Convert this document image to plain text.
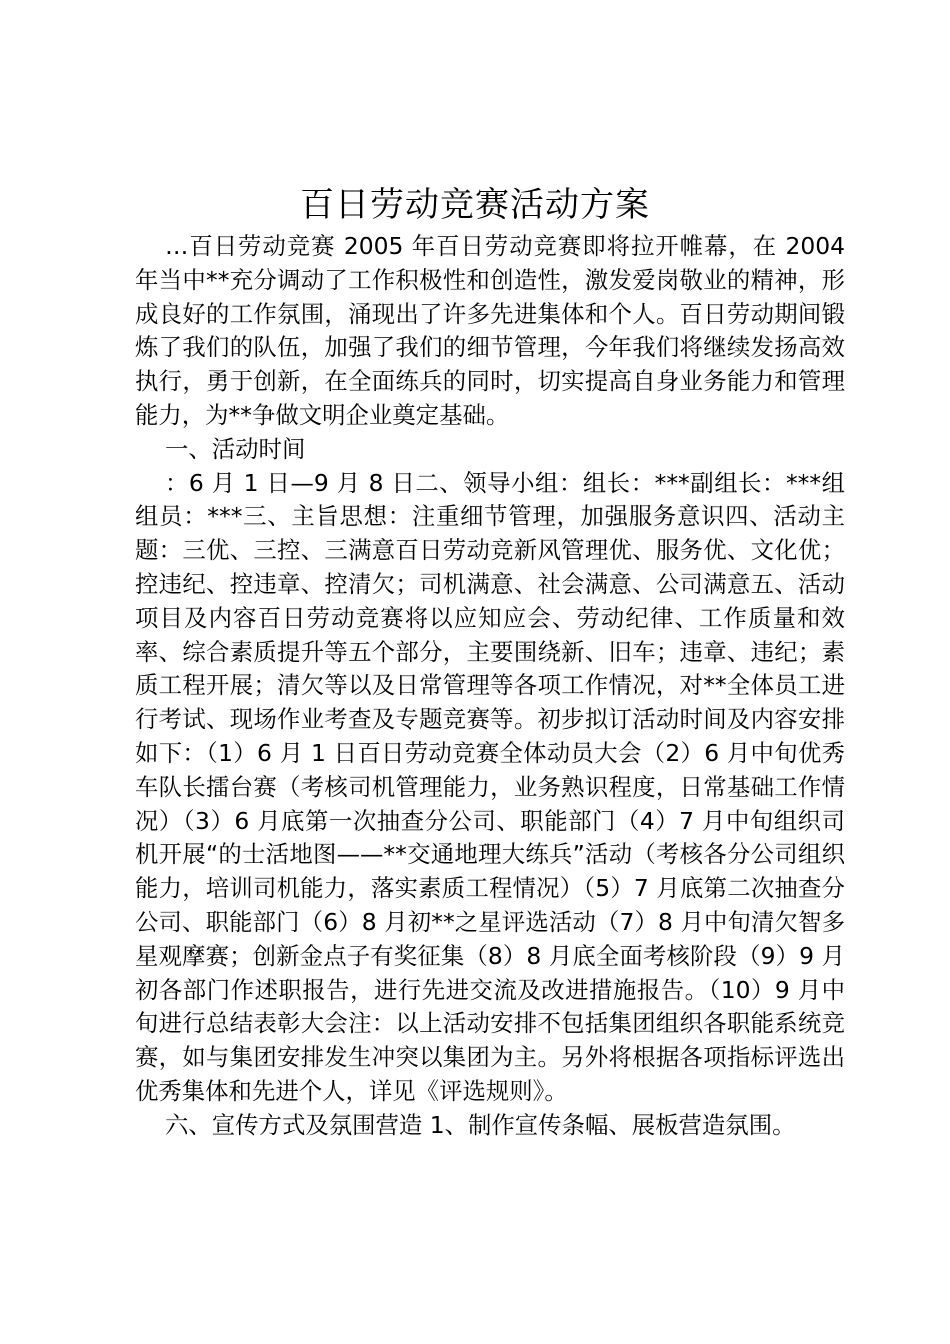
百日劳动竞赛活动方案

…百日劳动竞赛 2005 年百日劳动竞赛即将拉开帷幕，在 2004 年当中**充分调动了工作积极性和创造性，激发爱岗敬业的精神，形成良好的工作氛围，涌现出了许多先进集体和个人。百日劳动期间锻炼了我们的队伍，加强了我们的细节管理，今年我们将继续发扬高效执行，勇于创新，在全面练兵的同时，切实提高自身业务能力和管理能力，为**争做文明企业奠定基础。

一、活动时间

：6 月 1 日—9 月 8 日二、领导小组：组长：***副组长：***组组员：***三、主旨思想：注重细节管理，加强服务意识四、活动主题：三优、三控、三满意百日劳动竞新风管理优、服务优、文化优；控违纪、控违章、控清欠；司机满意、社会满意、公司满意五、活动项目及内容百日劳动竞赛将以应知应会、劳动纪律、工作质量和效率、综合素质提升等五个部分，主要围绕新、旧车；违章、违纪；素质工程开展；清欠等以及日常管理等各项工作情况，对**全体员工进行考试、现场作业考查及专题竞赛等。初步拟订活动时间及内容安排如下：（1）6 月 1 日百日劳动竞赛全体动员大会（2）6 月中旬优秀车队长擂台赛（考核司机管理能力，业务熟识程度，日常基础工作情况）（3）6 月底第一次抽查分公司、职能部门（4）7 月中旬组织司机开展“的士活地图——**交通地理大练兵”活动（考核各分公司组织能力，培训司机能力，落实素质工程情况）（5）7 月底第二次抽查分公司、职能部门（6）8 月初**之星评选活动（7）8 月中旬清欠智多星观摩赛；创新金点子有奖征集（8）8 月底全面考核阶段（9）9 月初各部门作述职报告，进行先进交流及改进措施报告。（10）9 月中旬进行总结表彰大会注：以上活动安排不包括集团组织各职能系统竞赛，如与集团安排发生冲突以集团为主。另外将根据各项指标评选出优秀集体和先进个人，详见《评选规则》。

六、宣传方式及氛围营造 1、制作宣传条幅、展板营造氛围。
